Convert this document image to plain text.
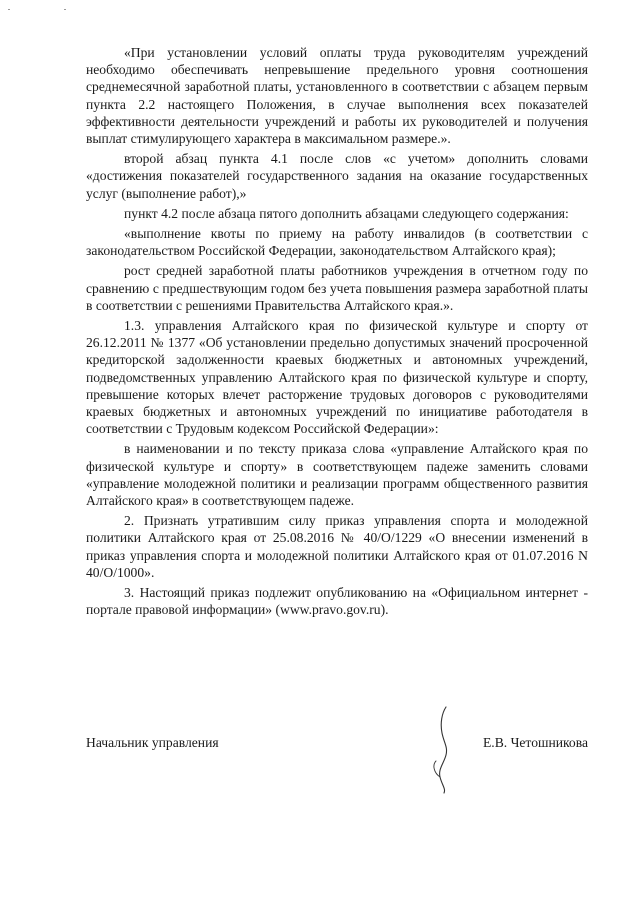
«При установлении условий оплаты труда руководителям учреждений необходимо обеспечивать непревышение предельного уровня соотношения среднемесячной заработной платы, установленного в соответствии с абзацем первым пункта 2.2 настоящего Положения, в случае выполнения всех показателей эффективности деятельности учреждений и работы их руководителей и получения выплат стимулирующего характера в максимальном размере.».

второй абзац пункта 4.1 после слов «с учетом» дополнить словами «достижения показателей государственного задания на оказание государственных услуг (выполнение работ),»

пункт 4.2 после абзаца пятого дополнить абзацами следующего содержания:

«выполнение квоты по приему на работу инвалидов (в соответствии с законодательством Российской Федерации, законодательством Алтайского края);

рост средней заработной платы работников учреждения в отчетном году по сравнению с предшествующим годом без учета повышения размера заработной платы в соответствии с решениями Правительства Алтайского края.».

1.3. управления Алтайского края по физической культуре и спорту от 26.12.2011 № 1377 «Об установлении предельно допустимых значений просроченной кредиторской задолженности краевых бюджетных и автономных учреждений, подведомственных управлению Алтайского края по физической культуре и спорту, превышение которых влечет расторжение трудовых договоров с руководителями краевых бюджетных и автономных учреждений по инициативе работодателя в соответствии с Трудовым кодексом Российской Федерации»:

в наименовании и по тексту приказа слова «управление Алтайского края по физической культуре и спорту» в соответствующем падеже заменить словами «управление молодежной политики и реализации программ общественного развития Алтайского края» в соответствующем падеже.

2. Признать утратившим силу приказ управления спорта и молодежной политики Алтайского края от 25.08.2016 № 40/О/1229 «О внесении изменений в приказ управления спорта и молодежной политики Алтайского края от 01.07.2016 N 40/О/1000».

3. Настоящий приказ подлежит опубликованию на «Официальном интернет - портале правовой информации» (www.pravo.gov.ru).

Начальник управления	Е.В. Четошникова
